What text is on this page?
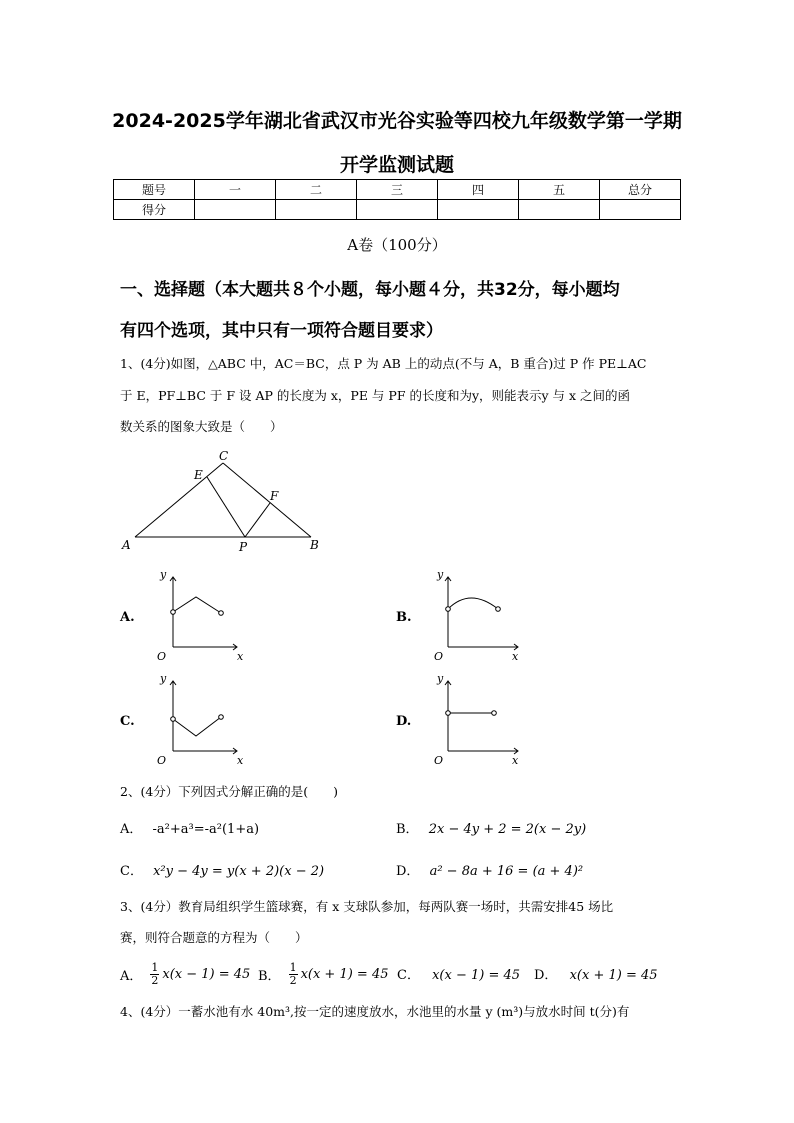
2024-2025学年湖北省武汉市光谷实验等四校九年级数学第一学期
开学监测试题
题号	一	二	三	四	五	总分
得分						
A卷（100分）
一、选择题（本大题共８个小题，每小题４分，共32分，每小题均
有四个选项，其中只有一项符合题目要求）
1、(4分)如图，△ABC 中，AC＝BC，点 P 为 AB 上的动点(不与 A，B 重合)过 P 作 PE⊥AC
于 E，PF⊥BC 于 F 设 AP 的长度为 x，PE 与 PF 的长度和为y，则能表示y 与 x 之间的函
数关系的图象大致是（　　）
A	B
C
E
F
P
A.
y
x
O
B.
y
x
O
C.
y
x
O
D.
y
x
O
2、(4分）下列因式分解正确的是(　　)
A． -a²+a³=-a²(1+a)	B． 2x − 4y + 2 = 2(x − 2y)
C． x²y − 4y = y(x + 2)(x − 2)	D． a² − 8a + 16 = (a + 4)²
3、(4分）教育局组织学生篮球赛，有 x 支球队参加，每两队赛一场时，共需安排45 场比
赛，则符合题意的方程为（　　）
A． $\frac{1}{2} x(x - 1) = 45$ B． $\frac{1}{2} x(x + 1) = 45$ C． x(x − 1) = 45 D． x(x + 1) = 45
4、(4分）一蓄水池有水 40m³,按一定的速度放水，水池里的水量 y (m³)与放水时间 t(分)有
